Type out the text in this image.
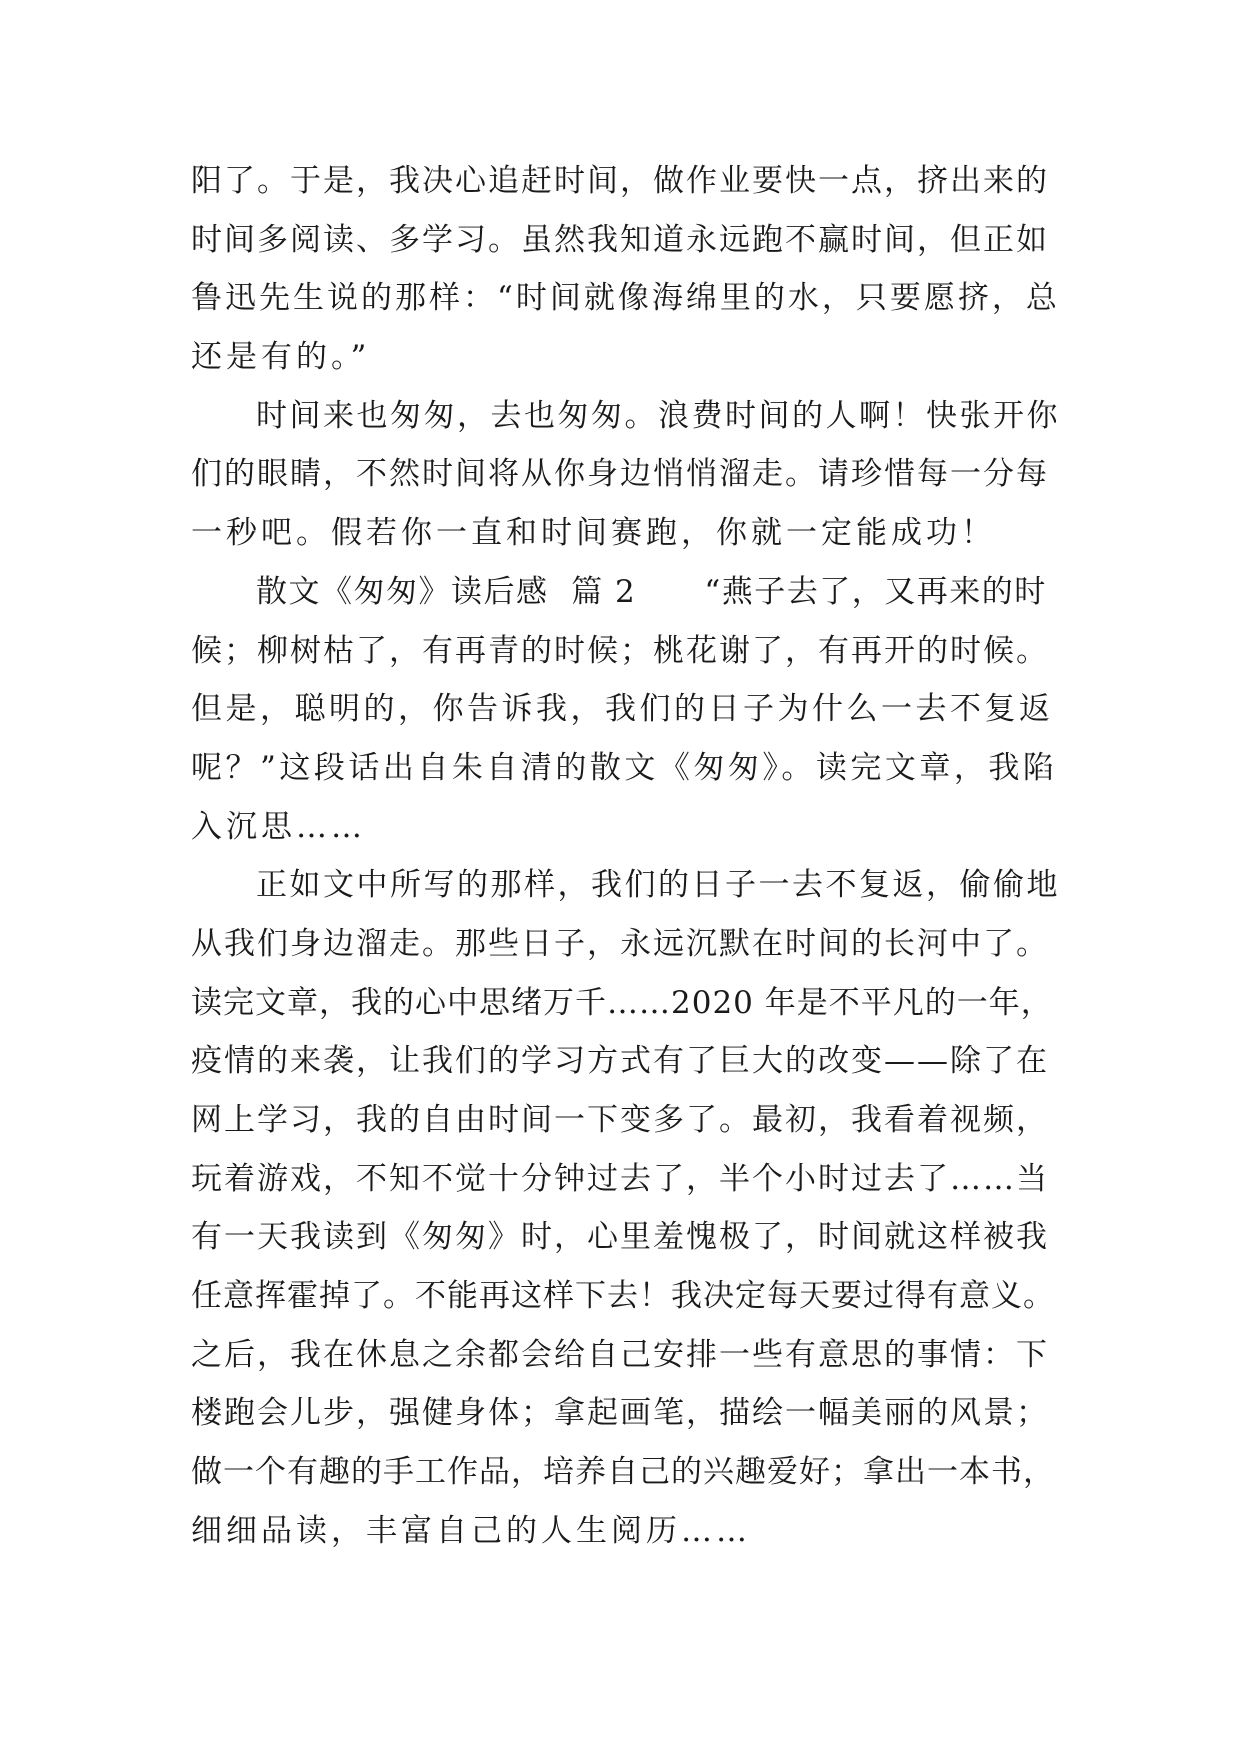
阳了。于是，我决心追赶时间，做作业要快一点，挤出来的
时间多阅读、多学习。虽然我知道永远跑不赢时间，但正如
鲁迅先生说的那样：“时间就像海绵里的水，只要愿挤，总
还是有的。”
时间来也匆匆，去也匆匆。浪费时间的人啊！快张开你
们的眼睛，不然时间将从你身边悄悄溜走。请珍惜每一分每
一秒吧。假若你一直和时间赛跑，你就一定能成功！
散文《匆匆》读后感  篇 2      “燕子去了，又再来的时
候；柳树枯了，有再青的时候；桃花谢了，有再开的时候。
但是，聪明的，你告诉我，我们的日子为什么一去不复返
呢？”这段话出自朱自清的散文《匆匆》。读完文章，我陷
入沉思……
正如文中所写的那样，我们的日子一去不复返，偷偷地
从我们身边溜走。那些日子，永远沉默在时间的长河中了。
读完文章，我的心中思绪万千……2020 年是不平凡的一年，
疫情的来袭，让我们的学习方式有了巨大的改变——除了在
网上学习，我的自由时间一下变多了。最初，我看着视频，
玩着游戏，不知不觉十分钟过去了，半个小时过去了……当
有一天我读到《匆匆》时，心里羞愧极了，时间就这样被我
任意挥霍掉了。不能再这样下去！我决定每天要过得有意义。
之后，我在休息之余都会给自己安排一些有意思的事情：下
楼跑会儿步，强健身体；拿起画笔，描绘一幅美丽的风景；
做一个有趣的手工作品，培养自己的兴趣爱好；拿出一本书，
细细品读，丰富自己的人生阅历……
